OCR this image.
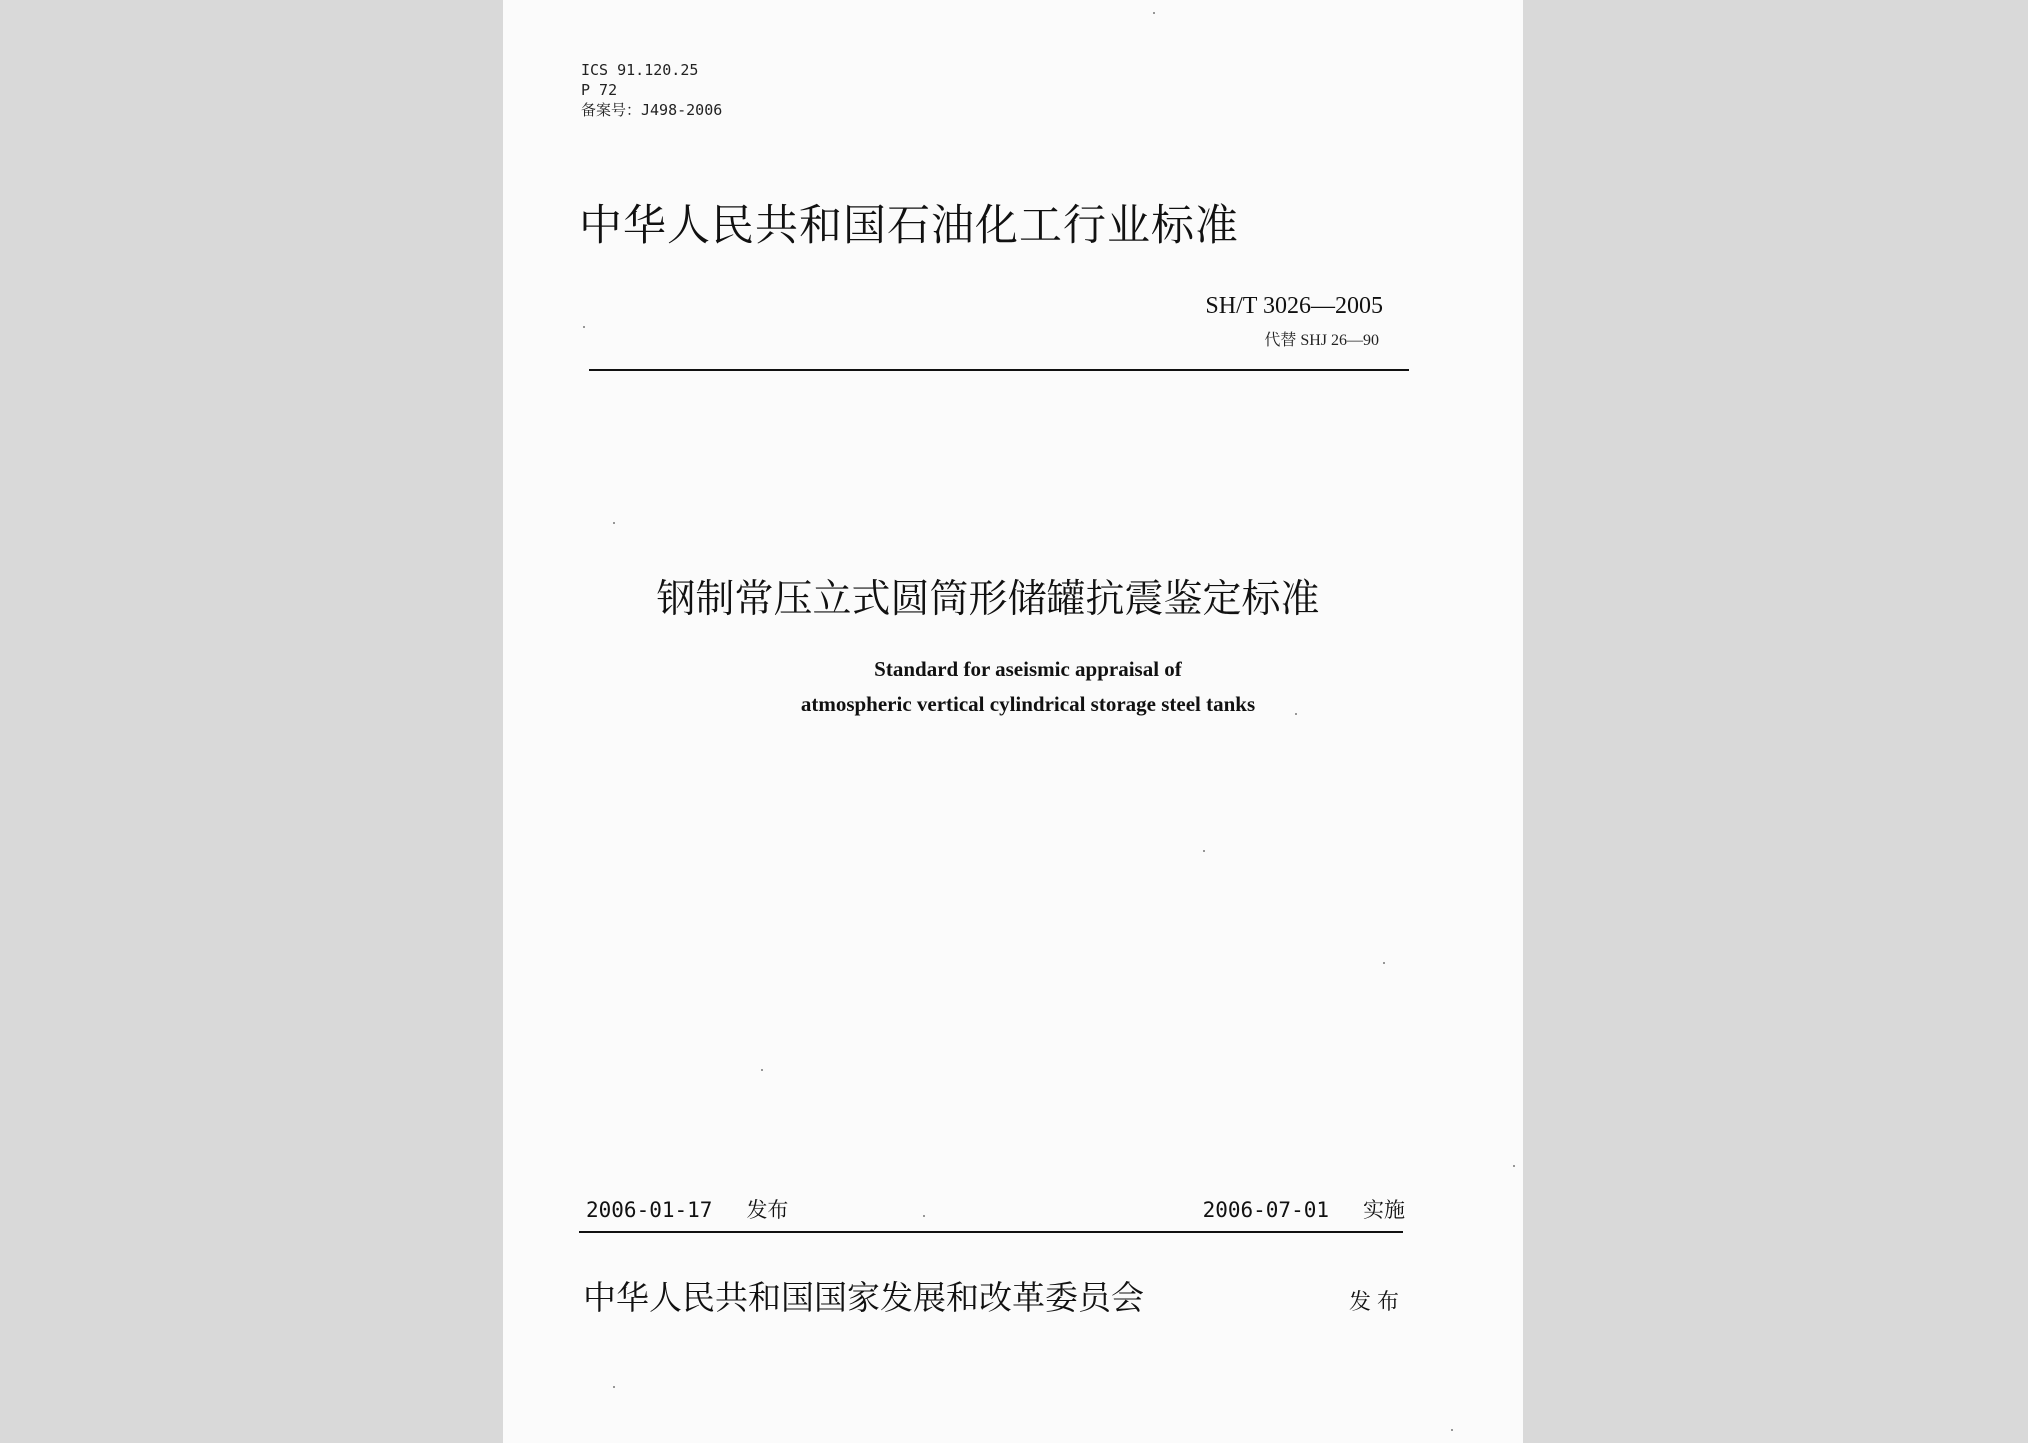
ICS 91.120.25
P 72
备案号：J498-2006
中华人民共和国石油化工行业标准
SH/T 3026—2005
代替 SHJ 26—90
钢制常压立式圆筒形储罐抗震鉴定标准
Standard for aseismic appraisal of
atmospheric vertical cylindrical storage steel tanks
2006-01-17 发布	2006-07-01 实施
中华人民共和国国家发展和改革委员会	发布
